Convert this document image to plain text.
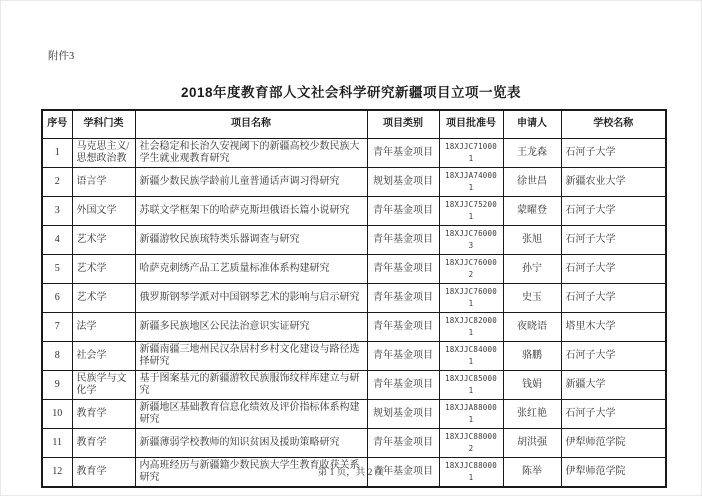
附件3
2018年度教育部人文社会科学研究新疆项目立项一览表
序号	学科门类	项目名称	项目类别	项目批准号	申请人	学校名称
1	马克思主义/思想政治教	社会稳定和长治久安视阈下的新疆高校少数民族大学生就业观教育研究	青年基金项目	18XJJC710001	王龙森	石河子大学
2	语言学	新疆少数民族学龄前儿童普通话声调习得研究	规划基金项目	18XJJA740001	徐世昌	新疆农业大学
3	外国文学	苏联文学框架下的哈萨克斯坦俄语长篇小说研究	青年基金项目	18XJJC752001	蒙曜登	石河子大学
4	艺术学	新疆游牧民族琉特类乐器调查与研究	青年基金项目	18XJJC760003	张旭	石河子大学
5	艺术学	哈萨克刺绣产品工艺质量标准体系构建研究	青年基金项目	18XJJC760002	孙宁	石河子大学
6	艺术学	俄罗斯钢琴学派对中国钢琴艺术的影响与启示研究	青年基金项目	18XJJC760001	史玉	石河子大学
7	法学	新疆多民族地区公民法治意识实证研究	青年基金项目	18XJJC820001	夜晓语	塔里木大学
8	社会学	新疆南疆三地州民汉杂居村乡村文化建设与路径选择研究	青年基金项目	18XJJC840001	骆鹏	石河子大学
9	民族学与文化学	基于图案基元的新疆游牧民族服饰纹样库建立与研究	青年基金项目	18XJJC850001	钱娟	新疆大学
10	教育学	新疆地区基础教育信息化绩效及评价指标体系构建研究	规划基金项目	18XJJA880001	张红艳	石河子大学
11	教育学	新疆薄弱学校教师的知识贫困及援助策略研究	青年基金项目	18XJJC880002	胡洪强	伊犁师范学院
12	教育学	内高班经历与新疆籍少数民族大学生教育收获关系研究	青年基金项目	18XJJC880001	陈举	伊犁师范学院
第 1 页，共 2 页
